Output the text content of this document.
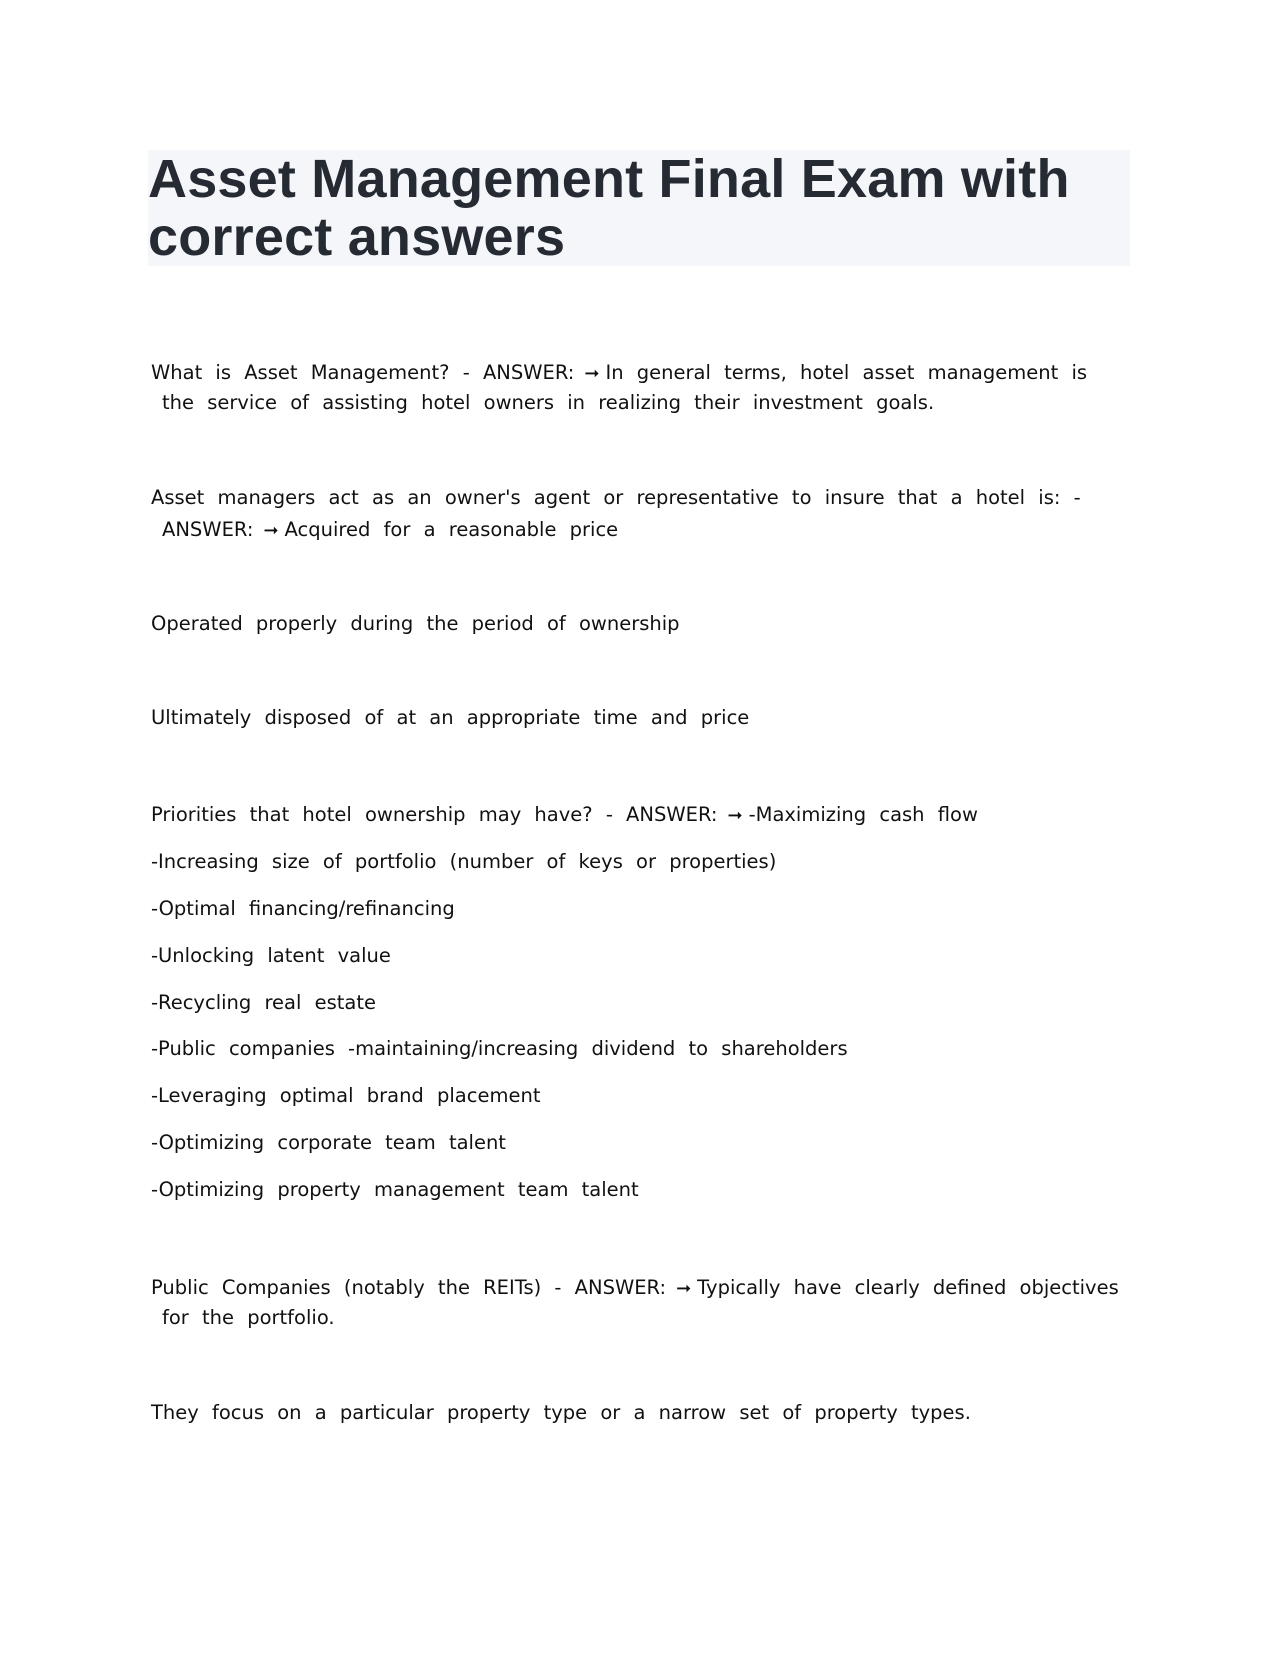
Asset Management Final Exam with
correct answers
What is Asset Management? - ANSWER: ➞ In general terms, hotel asset management is
the service of assisting hotel owners in realizing their investment goals.
Asset managers act as an owner's agent or representative to insure that a hotel is: -
ANSWER: ➞ Acquired for a reasonable price
Operated properly during the period of ownership
Ultimately disposed of at an appropriate time and price
Priorities that hotel ownership may have? - ANSWER: ➞ -Maximizing cash flow
-Increasing size of portfolio (number of keys or properties)
-Optimal financing/refinancing
-Unlocking latent value
-Recycling real estate
-Public companies -maintaining/increasing dividend to shareholders
-Leveraging optimal brand placement
-Optimizing corporate team talent
-Optimizing property management team talent
Public Companies (notably the REITs) - ANSWER: ➞ Typically have clearly defined objectives
for the portfolio.
They focus on a particular property type or a narrow set of property types.
